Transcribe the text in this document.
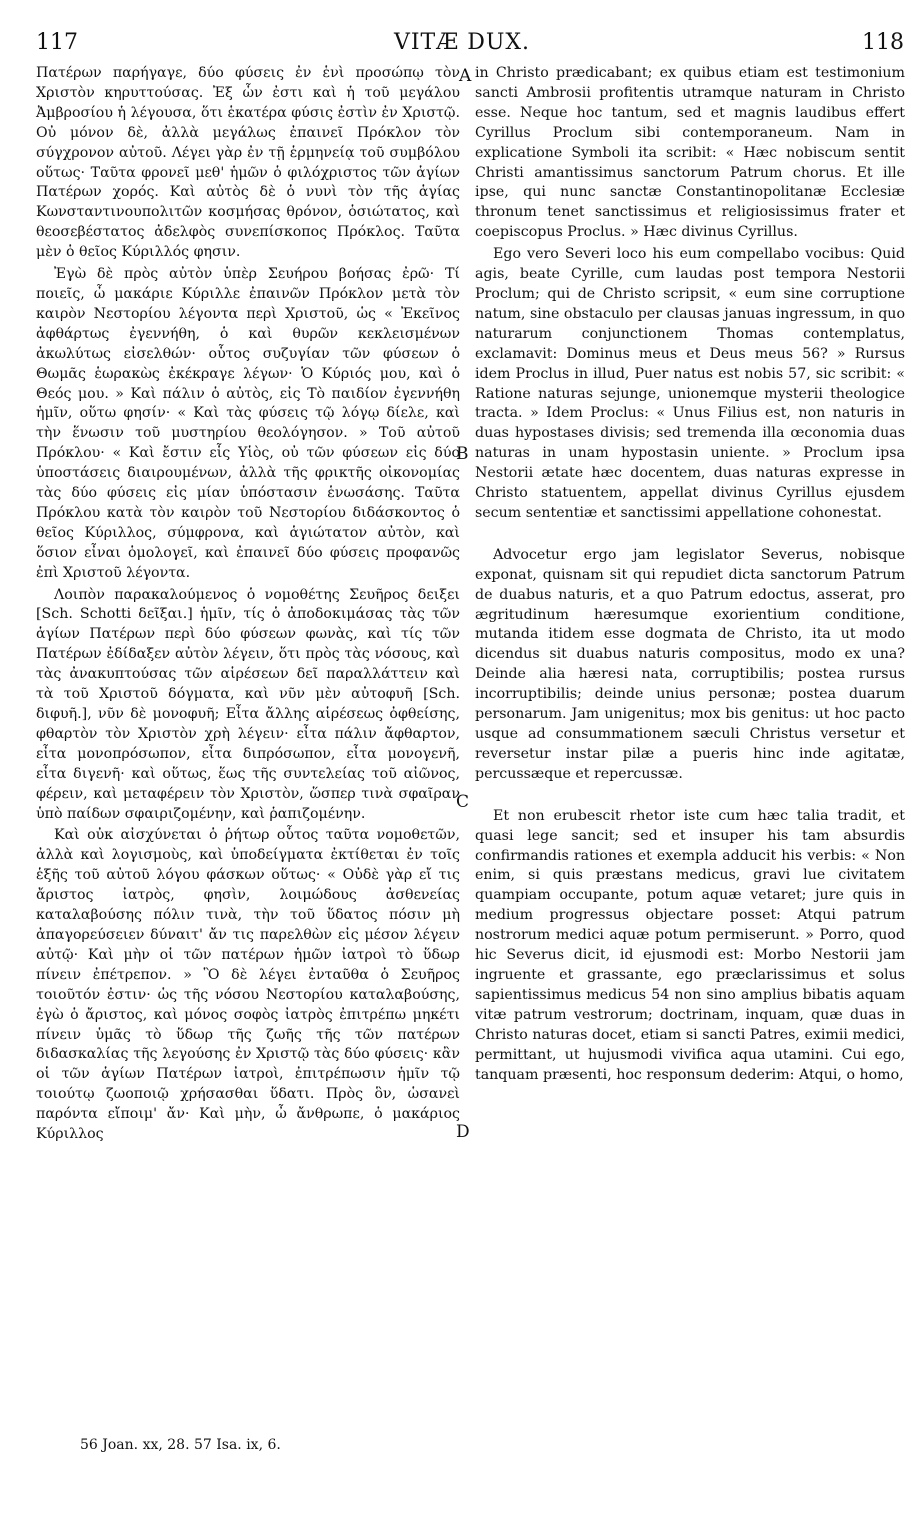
117	VITÆ DUX.	118

Πατέρων παρήγαγε, δύο φύσεις ἐν ἑνὶ προσώπῳ τὸν Χριστὸν κηρυττούσας. Ἐξ ὧν ἐστι καὶ ἡ τοῦ μεγάλου Ἀμβροσίου ἡ λέγουσα, ὅτι ἑκατέρα φύσις ἐστὶν ἐν Χριστῷ. Οὐ μόνον δὲ, ἀλλὰ μεγάλως ἐπαινεῖ Πρόκλον τὸν σύγχρονον αὐτοῦ. Λέγει γὰρ ἐν τῇ ἑρμηνείᾳ τοῦ συμβόλου οὕτως· Ταῦτα φρονεῖ μεθ' ἡμῶν ὁ φιλόχριστος τῶν ἁγίων Πατέρων χορός. Καὶ αὐτὸς δὲ ὁ νυνὶ τὸν τῆς ἁγίας Κωνσταντινουπολιτῶν κοσμήσας θρόνον, ὁσιώτατος, καὶ θεοσεβέστατος ἀδελφὸς συνεπίσκοπος Πρόκλος. Ταῦτα μὲν ὁ θεῖος Κύριλλός φησιν.

Ἐγὼ δὲ πρὸς αὐτὸν ὑπὲρ Σευήρου βοήσας ἐρῶ· Τί ποιεῖς, ὦ μακάριε Κύριλλε ἐπαινῶν Πρόκλον μετὰ τὸν καιρὸν Νεστορίου λέγοντα περὶ Χριστοῦ, ὡς « Ἐκεῖνος ἀφθάρτως ἐγεννήθη, ὁ καὶ θυρῶν κεκλεισμένων ἀκωλύτως εἰσελθών· οὗτος συζυγίαν τῶν φύσεων ὁ Θωμᾶς ἑωρακὼς ἐκέκραγε λέγων· Ὁ Κύριός μου, καὶ ὁ Θεός μου. » Καὶ πάλιν ὁ αὐτὸς, εἰς Τὸ παιδίον ἐγεννήθη ἡμῖν, οὕτω φησίν· « Καὶ τὰς φύσεις τῷ λόγῳ δίελε, καὶ τὴν ἕνωσιν τοῦ μυστηρίου θεολόγησον. » Τοῦ αὐτοῦ Πρόκλου· « Καὶ ἔστιν εἷς Υἱὸς, οὐ τῶν φύσεων εἰς δύο ὑποστάσεις διαιρουμένων, ἀλλὰ τῆς φρικτῆς οἰκονομίας τὰς δύο φύσεις εἰς μίαν ὑπόστασιν ἑνωσάσης. Ταῦτα Πρόκλου κατὰ τὸν καιρὸν τοῦ Νεστορίου διδάσκοντος ὁ θεῖος Κύριλλος, σύμφρονα, καὶ ἁγιώτατον αὐτὸν, καὶ ὅσιον εἶναι ὁμολογεῖ, καὶ ἐπαινεῖ δύο φύσεις προφανῶς ἐπὶ Χριστοῦ λέγοντα.

Λοιπὸν παρακαλούμενος ὁ νομοθέτης Σευῆρος δειξει [Sch. Schotti δεῖξαι.] ἡμῖν, τίς ὁ ἀποδοκιμάσας τὰς τῶν ἁγίων Πατέρων περὶ δύο φύσεων φωνὰς, καὶ τίς τῶν Πατέρων ἐδίδαξεν αὐτὸν λέγειν, ὅτι πρὸς τὰς νόσους, καὶ τὰς ἀνακυπτούσας τῶν αἱρέσεων δεῖ παραλλάττειν καὶ τὰ τοῦ Χριστοῦ δόγματα, καὶ νῦν μὲν αὐτοφυῆ [Sch. διφυῆ.], νῦν δὲ μονοφυῆ; Εἶτα ἄλλης αἱρέσεως ὀφθείσης, φθαρτὸν τὸν Χριστὸν χρὴ λέγειν· εἶτα πάλιν ἄφθαρτον, εἶτα μονοπρόσωπον, εἶτα διπρόσωπον, εἶτα μονογενῆ, εἶτα διγενῆ· καὶ οὕτως, ἕως τῆς συντελείας τοῦ αἰῶνος, φέρειν, καὶ μεταφέρειν τὸν Χριστὸν, ὥσπερ τινὰ σφαῖραν ὑπὸ παίδων σφαιριζομένην, καὶ ῥαπιζομένην.

Καὶ οὐκ αἰσχύνεται ὁ ῥήτωρ οὗτος ταῦτα νομοθετῶν, ἀλλὰ καὶ λογισμοὺς, καὶ ὑποδείγματα ἐκτίθεται ἐν τοῖς ἑξῆς τοῦ αὐτοῦ λόγου φάσκων οὕτως· « Οὐδὲ γὰρ εἴ τις ἄριστος ἰατρὸς, φησὶν, λοιμώδους ἀσθενείας καταλαβούσης πόλιν τινὰ, τὴν τοῦ ὕδατος πόσιν μὴ ἀπαγορεύσειεν δύναιτ' ἄν τις παρελθὼν εἰς μέσον λέγειν αὐτῷ· Καὶ μὴν οἱ τῶν πατέρων ἡμῶν ἰατροὶ τὸ ὕδωρ πίνειν ἐπέτρεπον. » Ὃ δὲ λέγει ἐνταῦθα ὁ Σευῆρος τοιοῦτόν ἐστιν· ὡς τῆς νόσου Νεστορίου καταλαβούσης, ἐγὼ ὁ ἄριστος, καὶ μόνος σοφὸς ἰατρὸς ἐπιτρέπω μηκέτι πίνειν ὑμᾶς τὸ ὕδωρ τῆς ζωῆς τῆς τῶν πατέρων διδασκαλίας τῆς λεγούσης ἐν Χριστῷ τὰς δύο φύσεις· κἂν οἱ τῶν ἁγίων Πατέρων ἰατροὶ, ἐπιτρέπωσιν ἡμῖν τῷ τοιούτῳ ζωοποιῷ χρήσασθαι ὕδατι. Πρὸς ὃν, ὡσανεὶ παρόντα εἴποιμ' ἄν· Καὶ μὴν, ὦ ἄνθρωπε, ὁ μακάριος Κύριλλος

in Christo prædicabant; ex quibus etiam est testimonium sancti Ambrosii profitentis utramque naturam in Christo esse. Neque hoc tantum, sed et magnis laudibus effert Cyrillus Proclum sibi contemporaneum. Nam in explicatione Symboli ita scribit: « Hæc nobiscum sentit Christi amantissimus sanctorum Patrum chorus. Et ille ipse, qui nunc sanctæ Constantinopolitanæ Ecclesiæ thronum tenet sanctissimus et religiosissimus frater et coepiscopus Proclus. » Hæc divinus Cyrillus.

Ego vero Severi loco his eum compellabo vocibus: Quid agis, beate Cyrille, cum laudas post tempora Nestorii Proclum; qui de Christo scripsit, « eum sine corruptione natum, sine obstaculo per clausas januas ingressum, in quo naturarum conjunctionem Thomas contemplatus, exclamavit: Dominus meus et Deus meus 56? » Rursus idem Proclus in illud, Puer natus est nobis 57, sic scribit: « Ratione naturas sejunge, unionemque mysterii theologice tracta. » Idem Proclus: « Unus Filius est, non naturis in duas hypostases divisis; sed tremenda illa œconomia duas naturas in unam hypostasin uniente. » Proclum ipsa Nestorii ætate hæc docentem, duas naturas expresse in Christo statuentem, appellat divinus Cyrillus ejusdem secum sententiæ et sanctissimi appellatione cohonestat.

Advocetur ergo jam legislator Severus, nobisque exponat, quisnam sit qui repudiet dicta sanctorum Patrum de duabus naturis, et a quo Patrum edoctus, asserat, pro ægritudinum hæresumque exorientium conditione, mutanda itidem esse dogmata de Christo, ita ut modo dicendus sit duabus naturis compositus, modo ex una? Deinde alia hæresi nata, corruptibilis; postea rursus incorruptibilis; deinde unius personæ; postea duarum personarum. Jam unigenitus; mox bis genitus: ut hoc pacto usque ad consummationem sæculi Christus versetur et reversetur instar pilæ a pueris hinc inde agitatæ, percussæque et repercussæ.

Et non erubescit rhetor iste cum hæc talia tradit, et quasi lege sancit; sed et insuper his tam absurdis confirmandis rationes et exempla adducit his verbis: « Non enim, si quis præstans medicus, gravi lue civitatem quampiam occupante, potum aquæ vetaret; jure quis in medium progressus objectare posset: Atqui patrum nostrorum medici aquæ potum permiserunt. » Porro, quod hic Severus dicit, id ejusmodi est: Morbo Nestorii jam ingruente et grassante, ego præclarissimus et solus sapientissimus medicus 54 non sino amplius bibatis aquam vitæ patrum vestrorum; doctrinam, inquam, quæ duas in Christo naturas docet, etiam si sancti Patres, eximii medici, permittant, ut hujusmodi vivifica aqua utamini. Cui ego, tanquam præsenti, hoc responsum dederim: Atqui, o homo,

A
B
C
D
56 Joan. xx, 28. 57 Isa. ix, 6.
